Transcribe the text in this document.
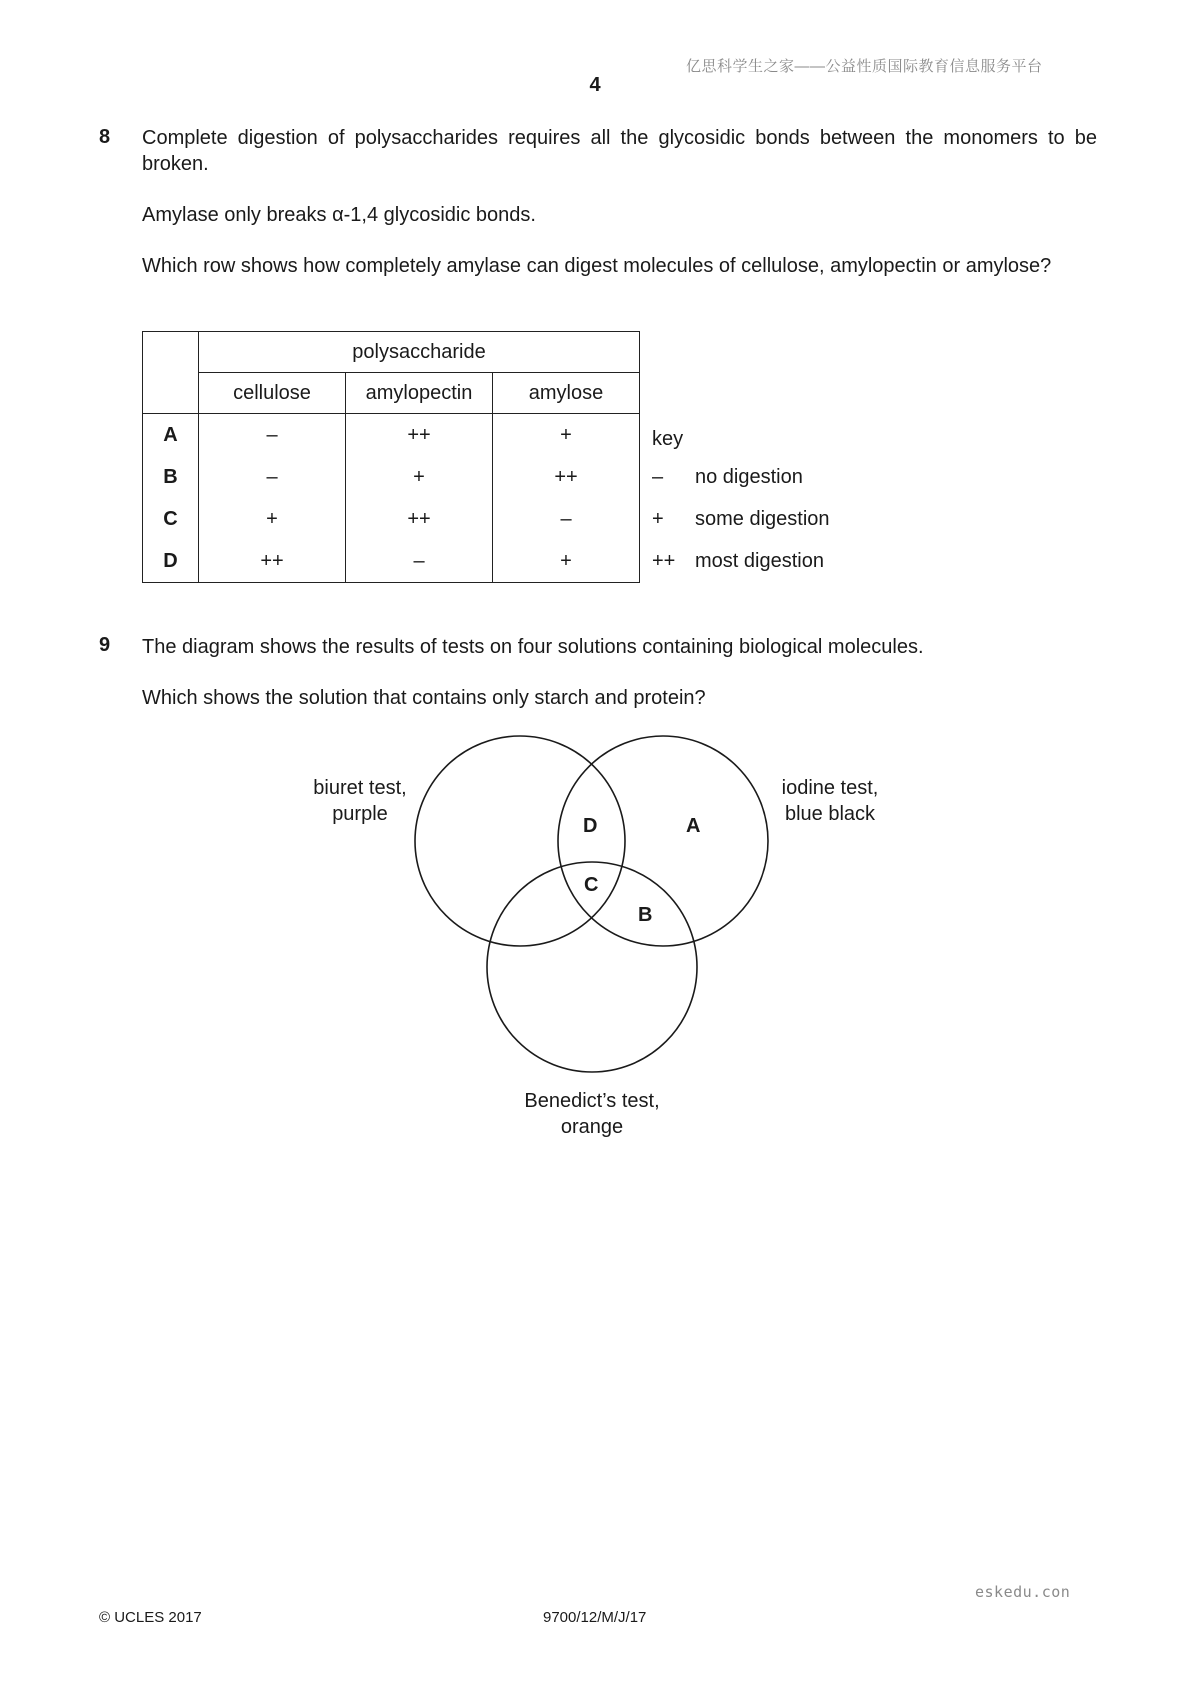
亿思科学生之家——公益性质国际教育信息服务平台
4
8 Complete digestion of polysaccharides requires all the glycosidic bonds between the monomers to be broken.
Amylase only breaks α-1,4 glycosidic bonds.
Which row shows how completely amylase can digest molecules of cellulose, amylopectin or amylose?
	polysaccharide		
	cellulose	amylopectin	amylose
A	–	++	+
B	–	+	++
C	+	++	–
D	++	–	+
key
– no digestion
+ some digestion
++ most digestion
9 The diagram shows the results of tests on four solutions containing biological molecules.
Which shows the solution that contains only starch and protein?
biuret test,
purple
iodine test,
blue black
Benedict’s test,
orange
D	A
C
B
eskedu.con
© UCLES 2017	9700/12/M/J/17
